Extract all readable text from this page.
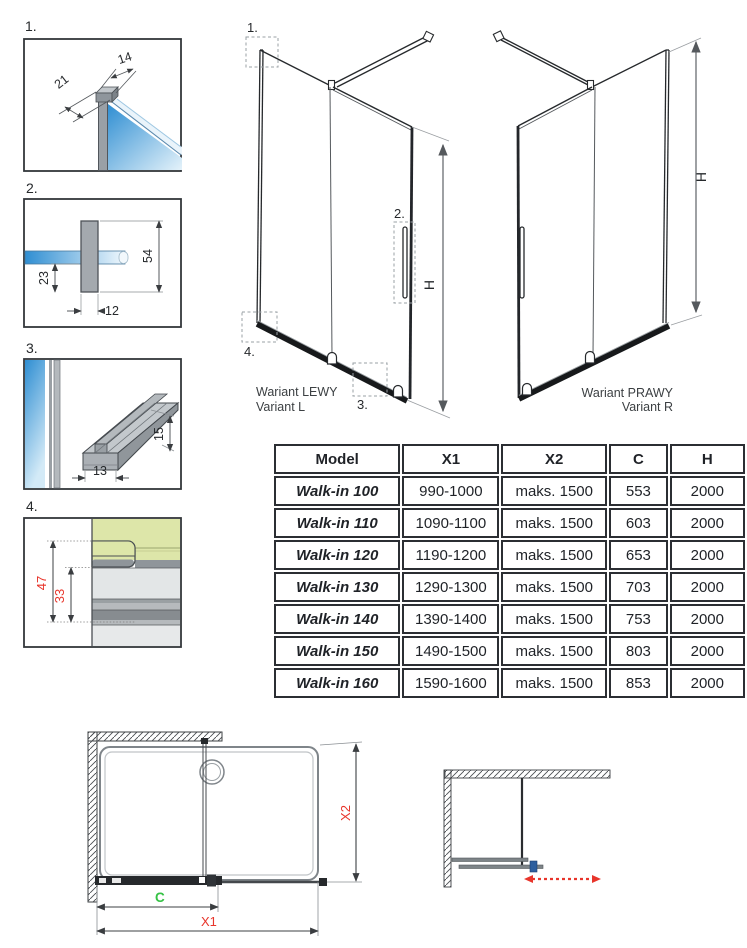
1.
2.
3.
4.
14
21
54
23
12
15
13
47
33
1.
2.
3.
4.
H
Wariant LEWY
Variant L
H
Wariant PRAWY
Variant R
Model	X1	X2	C	H
Walk-in 100	990-1000	maks. 1500	553	2000
Walk-in 110	1090-1100	maks. 1500	603	2000
Walk-in 120	1190-1200	maks. 1500	653	2000
Walk-in 130	1290-1300	maks. 1500	703	2000
Walk-in 140	1390-1400	maks. 1500	753	2000
Walk-in 150	1490-1500	maks. 1500	803	2000
Walk-in 160	1590-1600	maks. 1500	853	2000
C
X1
X2
